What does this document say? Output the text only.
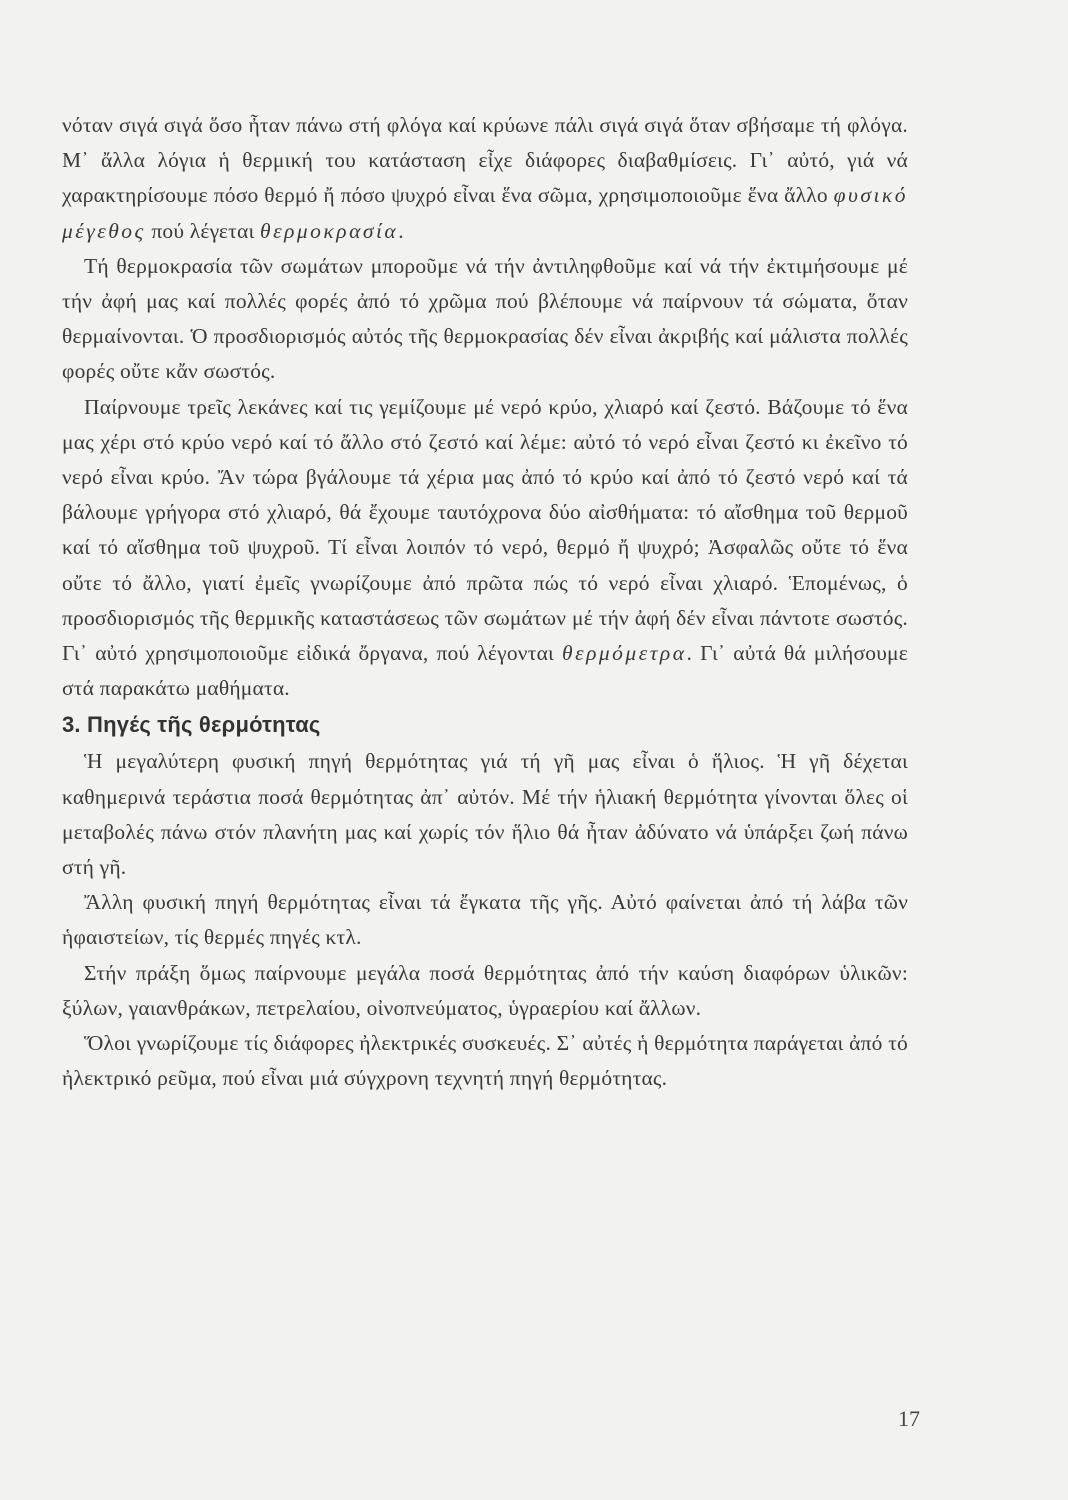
νόταν σιγά σιγά ὅσο ἦταν πάνω στή φλόγα καί κρύωνε πάλι σιγά σιγά ὅταν σβήσαμε τή φλόγα. Μ᾿ ἄλλα λόγια ἡ θερμική του κατάσταση εἶχε διάφορες διαβαθμίσεις. Γι᾿ αὐτό, γιά νά χαρακτηρίσουμε πόσο θερμό ἤ πόσο ψυχρό εἶναι ἕνα σῶμα, χρησιμοποιοῦμε ἕνα ἄλλο φυσικό μέγεθος πού λέγεται θερμοκρασία.

Τή θερμοκρασία τῶν σωμάτων μποροῦμε νά τήν ἀντιληφθοῦμε καί νά τήν ἐκτιμήσουμε μέ τήν ἀφή μας καί πολλές φορές ἀπό τό χρῶμα πού βλέπουμε νά παίρνουν τά σώματα, ὅταν θερμαίνονται. Ὁ προσδιορισμός αὐτός τῆς θερμοκρασίας δέν εἶναι ἀκριβής καί μάλιστα πολλές φορές οὔτε κἄν σωστός.

Παίρνουμε τρεῖς λεκάνες καί τις γεμίζουμε μέ νερό κρύο, χλιαρό καί ζεστό. Βάζουμε τό ἕνα μας χέρι στό κρύο νερό καί τό ἄλλο στό ζεστό καί λέμε: αὐτό τό νερό εἶναι ζεστό κι ἐκεῖνο τό νερό εἶναι κρύο. Ἄν τώρα βγάλουμε τά χέρια μας ἀπό τό κρύο καί ἀπό τό ζεστό νερό καί τά βάλουμε γρήγορα στό χλιαρό, θά ἔχουμε ταυτόχρονα δύο αἰσθήματα: τό αἴσθημα τοῦ θερμοῦ καί τό αἴσθημα τοῦ ψυχροῦ. Τί εἶναι λοιπόν τό νερό, θερμό ἤ ψυχρό; Ἀσφαλῶς οὔτε τό ἕνα οὔτε τό ἄλλο, γιατί ἐμεῖς γνωρίζουμε ἀπό πρῶτα πώς τό νερό εἶναι χλιαρό. Ἑπομένως, ὁ προσδιορισμός τῆς θερμικῆς καταστάσεως τῶν σωμάτων μέ τήν ἀφή δέν εἶναι πάντοτε σωστός. Γι᾿ αὐτό χρησιμοποιοῦμε εἰδικά ὄργανα, πού λέγονται θερμόμετρα. Γι᾿ αὐτά θά μιλήσουμε στά παρακάτω μαθήματα.

3. Πηγές τῆς θερμότητας

Ἡ μεγαλύτερη φυσική πηγή θερμότητας γιά τή γῆ μας εἶναι ὁ ἥλιος. Ἡ γῆ δέχεται καθημερινά τεράστια ποσά θερμότητας ἀπ᾿ αὐτόν. Μέ τήν ἡλιακή θερμότητα γίνονται ὅλες οἱ μεταβολές πάνω στόν πλανήτη μας καί χωρίς τόν ἥλιο θά ἦταν ἀδύνατο νά ὑπάρξει ζωή πάνω στή γῆ.

Ἄλλη φυσική πηγή θερμότητας εἶναι τά ἔγκατα τῆς γῆς. Αὐτό φαίνεται ἀπό τή λάβα τῶν ἡφαιστείων, τίς θερμές πηγές κτλ.

Στήν πράξη ὅμως παίρνουμε μεγάλα ποσά θερμότητας ἀπό τήν καύση διαφόρων ὑλικῶν: ξύλων, γαιανθράκων, πετρελαίου, οἰνοπνεύματος, ὑγραερίου καί ἄλλων.

Ὅλοι γνωρίζουμε τίς διάφορες ἠλεκτρικές συσκευές. Σ᾿ αὐτές ἡ θερμότητα παράγεται ἀπό τό ἠλεκτρικό ρεῦμα, πού εἶναι μιά σύγχρονη τεχνητή πηγή θερμότητας.

17
